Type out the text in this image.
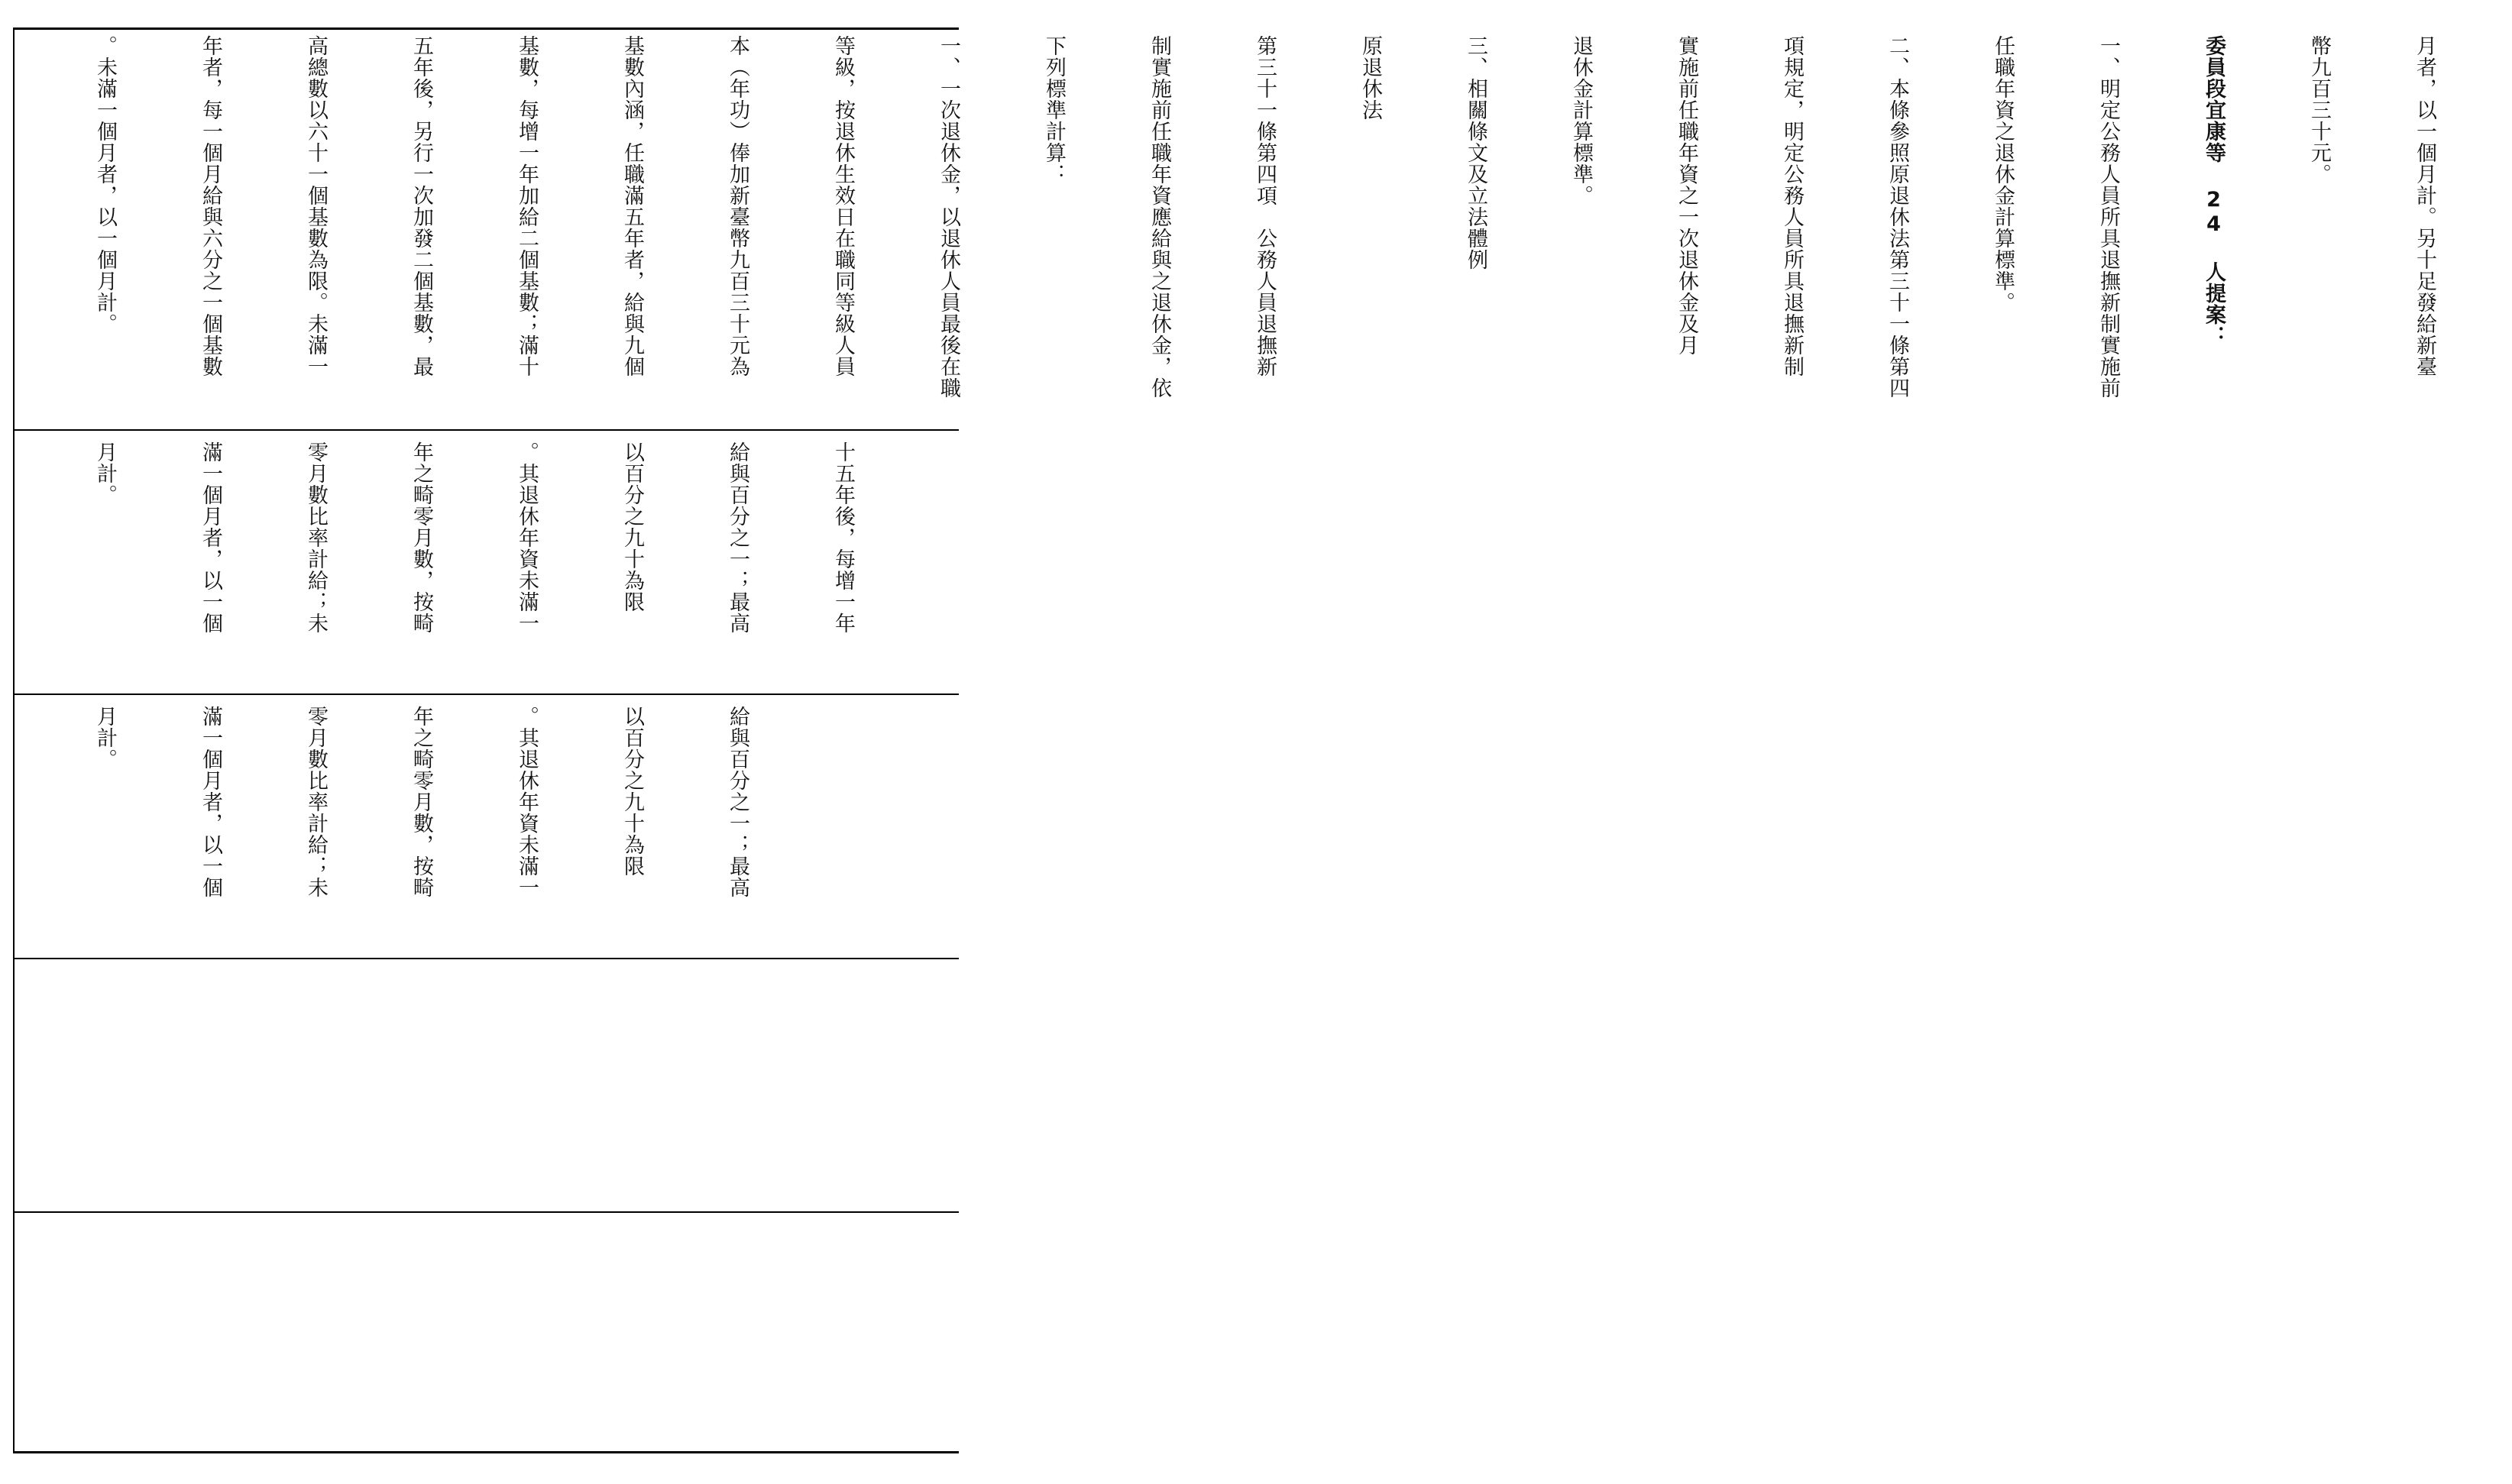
月者，以一個月計。另十足發給新臺

幣九百三十元。

委員段宜康等 24 人提案：

一、明定公務人員所具退撫新制實施前

任職年資之退休金計算標準。

二、本條參照原退休法第三十一條第四

項規定，明定公務人員所具退撫新制

實施前任職年資之一次退休金及月

退休金計算標準。

三、相關條文及立法體例

原退休法

第三十一條第四項　公務人員退撫新

制實施前任職年資應給與之退休金，依

下列標準計算：

一、一次退休金，以退休人員最後在職

等級，按退休生效日在職同等級人員

本（年功）俸加新臺幣九百三十元為

基數內涵，任職滿五年者，給與九個

基數，每增一年加給二個基數；滿十

五年後，另行一次加發二個基數，最

高總數以六十一個基數為限。未滿一

年者，每一個月給與六分之一個基數

。未滿一個月者，以一個月計。

十五年後，每增一年

給與百分之一；最高

以百分之九十為限

。其退休年資未滿一

年之畸零月數，按畸

零月數比率計給；未

滿一個月者，以一個

月計。

給與百分之一；最高

以百分之九十為限

。其退休年資未滿一

年之畸零月數，按畸

零月數比率計給；未

滿一個月者，以一個

月計。
